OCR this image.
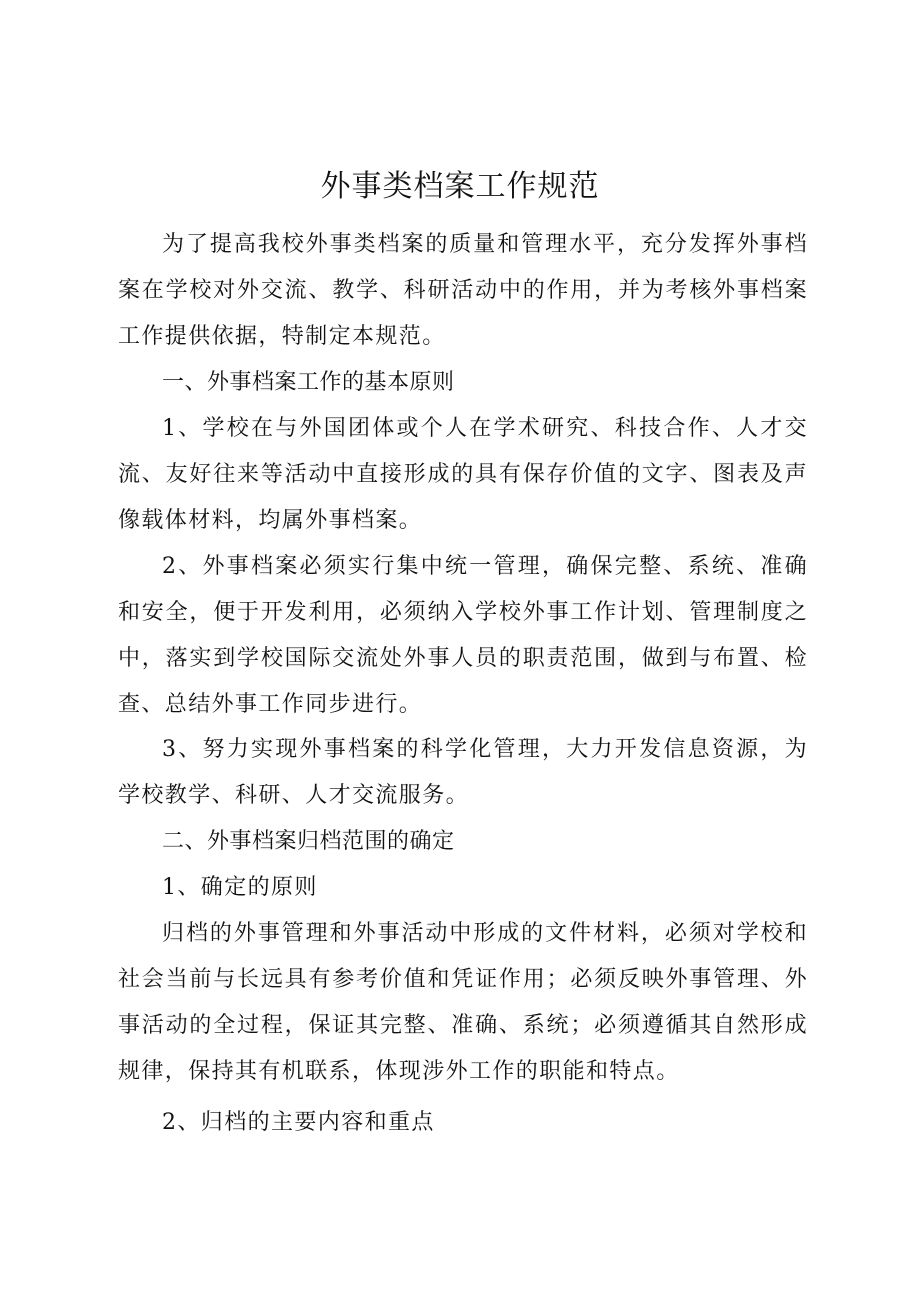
外事类档案工作规范

为了提高我校外事类档案的质量和管理水平，充分发挥外事档案在学校对外交流、教学、科研活动中的作用，并为考核外事档案工作提供依据，特制定本规范。

一、外事档案工作的基本原则

1、学校在与外国团体或个人在学术研究、科技合作、人才交流、友好往来等活动中直接形成的具有保存价值的文字、图表及声像载体材料，均属外事档案。

2、外事档案必须实行集中统一管理，确保完整、系统、准确和安全，便于开发利用，必须纳入学校外事工作计划、管理制度之中，落实到学校国际交流处外事人员的职责范围，做到与布置、检查、总结外事工作同步进行。

3、努力实现外事档案的科学化管理，大力开发信息资源，为学校教学、科研、人才交流服务。

二、外事档案归档范围的确定
1、确定的原则

归档的外事管理和外事活动中形成的文件材料，必须对学校和社会当前与长远具有参考价值和凭证作用；必须反映外事管理、外事活动的全过程，保证其完整、准确、系统；必须遵循其自然形成规律，保持其有机联系，体现涉外工作的职能和特点。

2、归档的主要内容和重点
